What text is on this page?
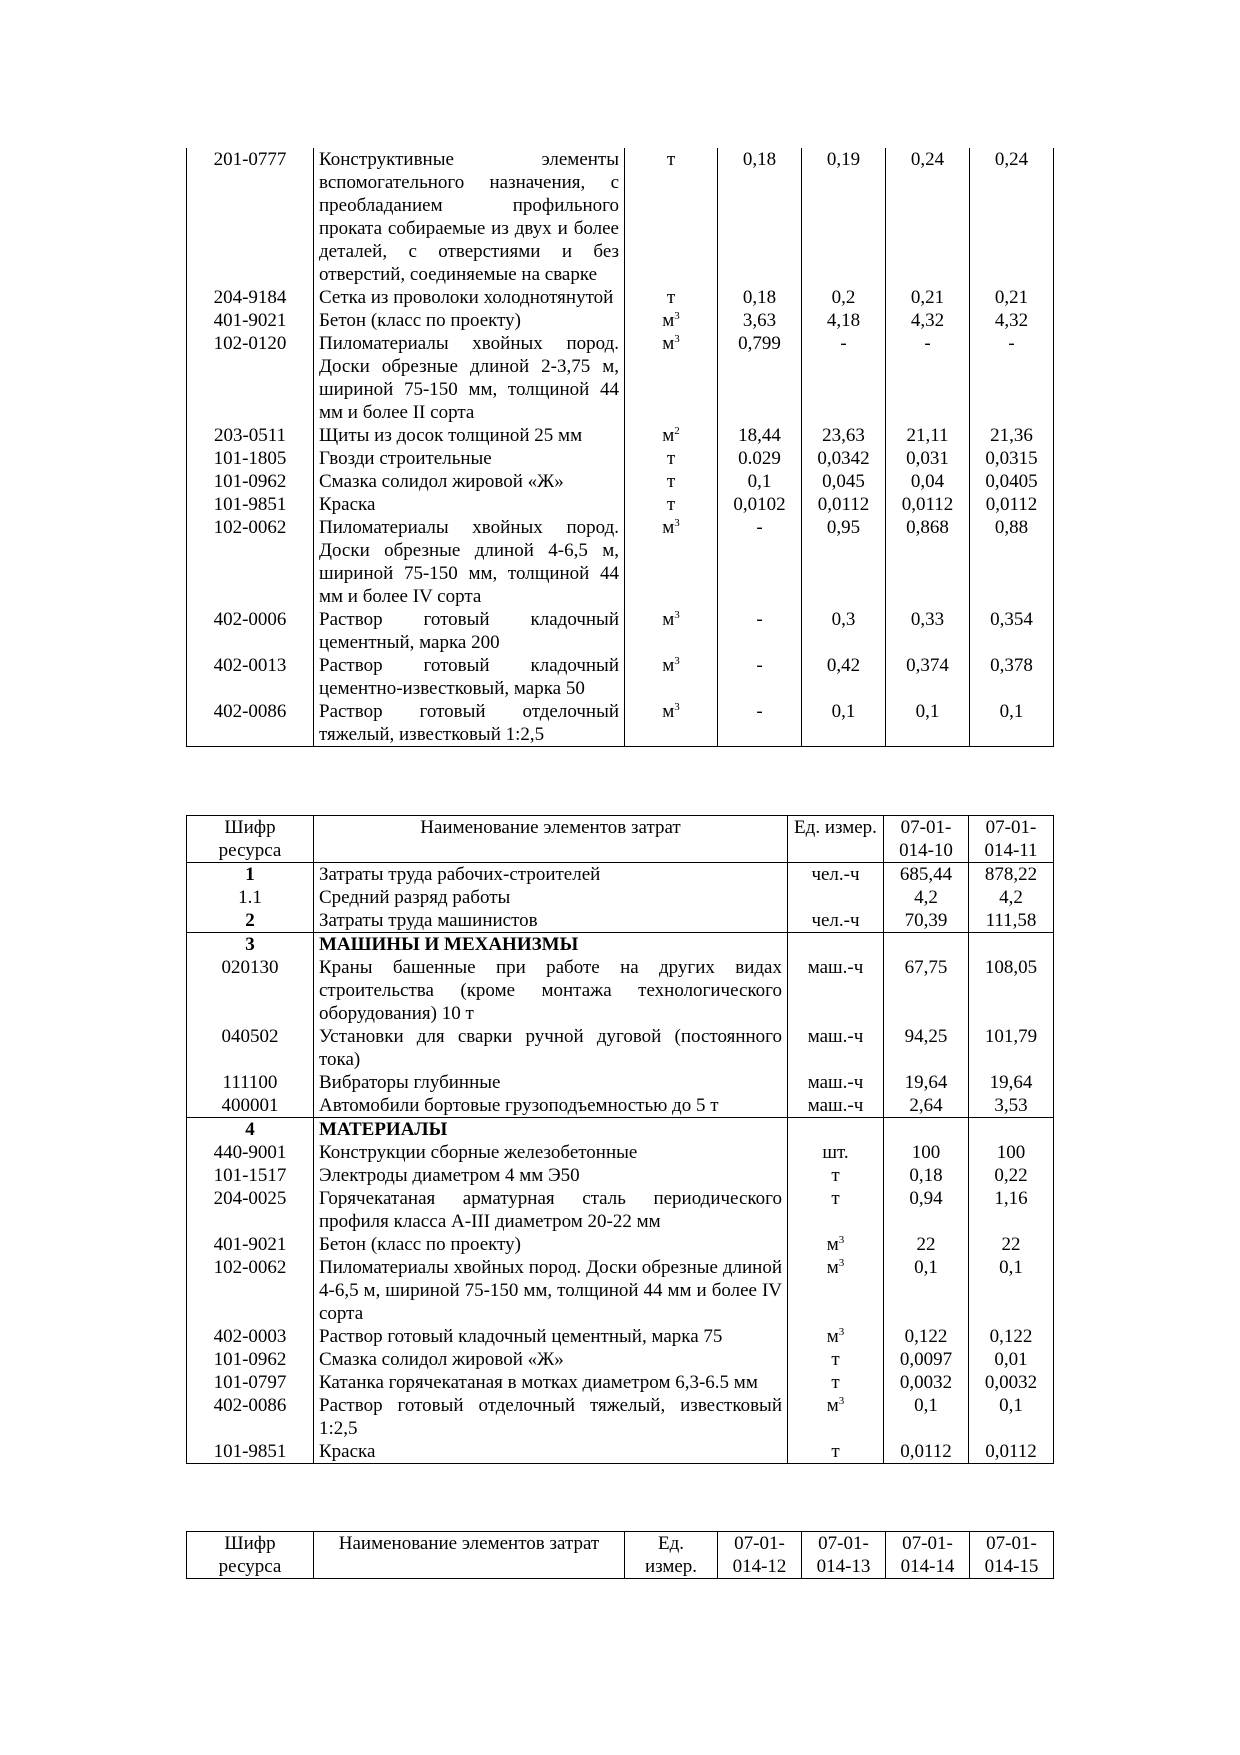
201-0777	Конструктивные элементы вспомогательного назначения, с преобладанием профильного проката собираемые из двух и более деталей, с отверстиями и без отверстий, соединяемые на сварке	т	0,18	0,19	0,24	0,24
204-9184	Сетка из проволоки холоднотянутой	т	0,18	0,2	0,21	0,21
401-9021	Бетон (класс по проекту)	$м^3$	3,63	4,18	4,32	4,32
102-0120	Пиломатериалы хвойных пород. Доски обрезные длиной 2-3,75 м, шириной 75-150 мм, толщиной 44 мм и более II сорта	$м^3$	0,799	-	-	-
203-0511	Щиты из досок толщиной 25 мм	$м^2$	18,44	23,63	21,11	21,36
101-1805	Гвозди строительные	т	0.029	0,0342	0,031	0,0315
101-0962	Смазка солидол жировой «Ж»	т	0,1	0,045	0,04	0,0405
101-9851	Краска	т	0,0102	0,0112	0,0112	0,0112
102-0062	Пиломатериалы хвойных пород. Доски обрезные длиной 4-6,5 м, шириной 75-150 мм, толщиной 44 мм и более IV сорта	$м^3$	-	0,95	0,868	0,88
402-0006	Раствор готовый кладочный цементный, марка 200	$м^3$	-	0,3	0,33	0,354
402-0013	Раствор готовый кладочный цементно-известковый, марка 50	$м^3$	-	0,42	0,374	0,378
402-0086	Раствор готовый отделочный тяжелый, известковый 1:2,5	$м^3$	-	0,1	0,1	0,1
Шифр ресурса	Наименование элементов затрат	Ед. измер.	07-01-014-10	07-01-014-11
1	Затраты труда рабочих-строителей	чел.-ч	685,44	878,22
1.1	Средний разряд работы		4,2	4,2
2	Затраты труда машинистов	чел.-ч	70,39	111,58
3	МАШИНЫ И МЕХАНИЗМЫ			
020130	Краны башенные при работе на других видах строительства (кроме монтажа технологического оборудования) 10 т	маш.-ч	67,75	108,05
040502	Установки для сварки ручной дуговой (постоянного тока)	маш.-ч	94,25	101,79
111100	Вибраторы глубинные	маш.-ч	19,64	19,64
400001	Автомобили бортовые грузоподъемностью до 5 т	маш.-ч	2,64	3,53
4	МАТЕРИАЛЫ			
440-9001	Конструкции сборные железобетонные	шт.	100	100
101-1517	Электроды диаметром 4 мм Э50	т	0,18	0,22
204-0025	Горячекатаная арматурная сталь периодического профиля класса А-III диаметром 20-22 мм	т	0,94	1,16
401-9021	Бетон (класс по проекту)	$м^3$	22	22
102-0062	Пиломатериалы хвойных пород. Доски обрезные длиной 4-6,5 м, шириной 75-150 мм, толщиной 44 мм и более IV сорта	$м^3$	0,1	0,1
402-0003	Раствор готовый кладочный цементный, марка 75	$м^3$	0,122	0,122
101-0962	Смазка солидол жировой «Ж»	т	0,0097	0,01
101-0797	Катанка горячекатаная в мотках диаметром 6,3-6.5 мм	т	0,0032	0,0032
402-0086	Раствор готовый отделочный тяжелый, известковый 1:2,5	$м^3$	0,1	0,1
101-9851	Краска	т	0,0112	0,0112
Шифр ресурса	Наименование элементов затрат	Ед. измер.	07-01-014-12	07-01-014-13	07-01-014-14	07-01-014-15
